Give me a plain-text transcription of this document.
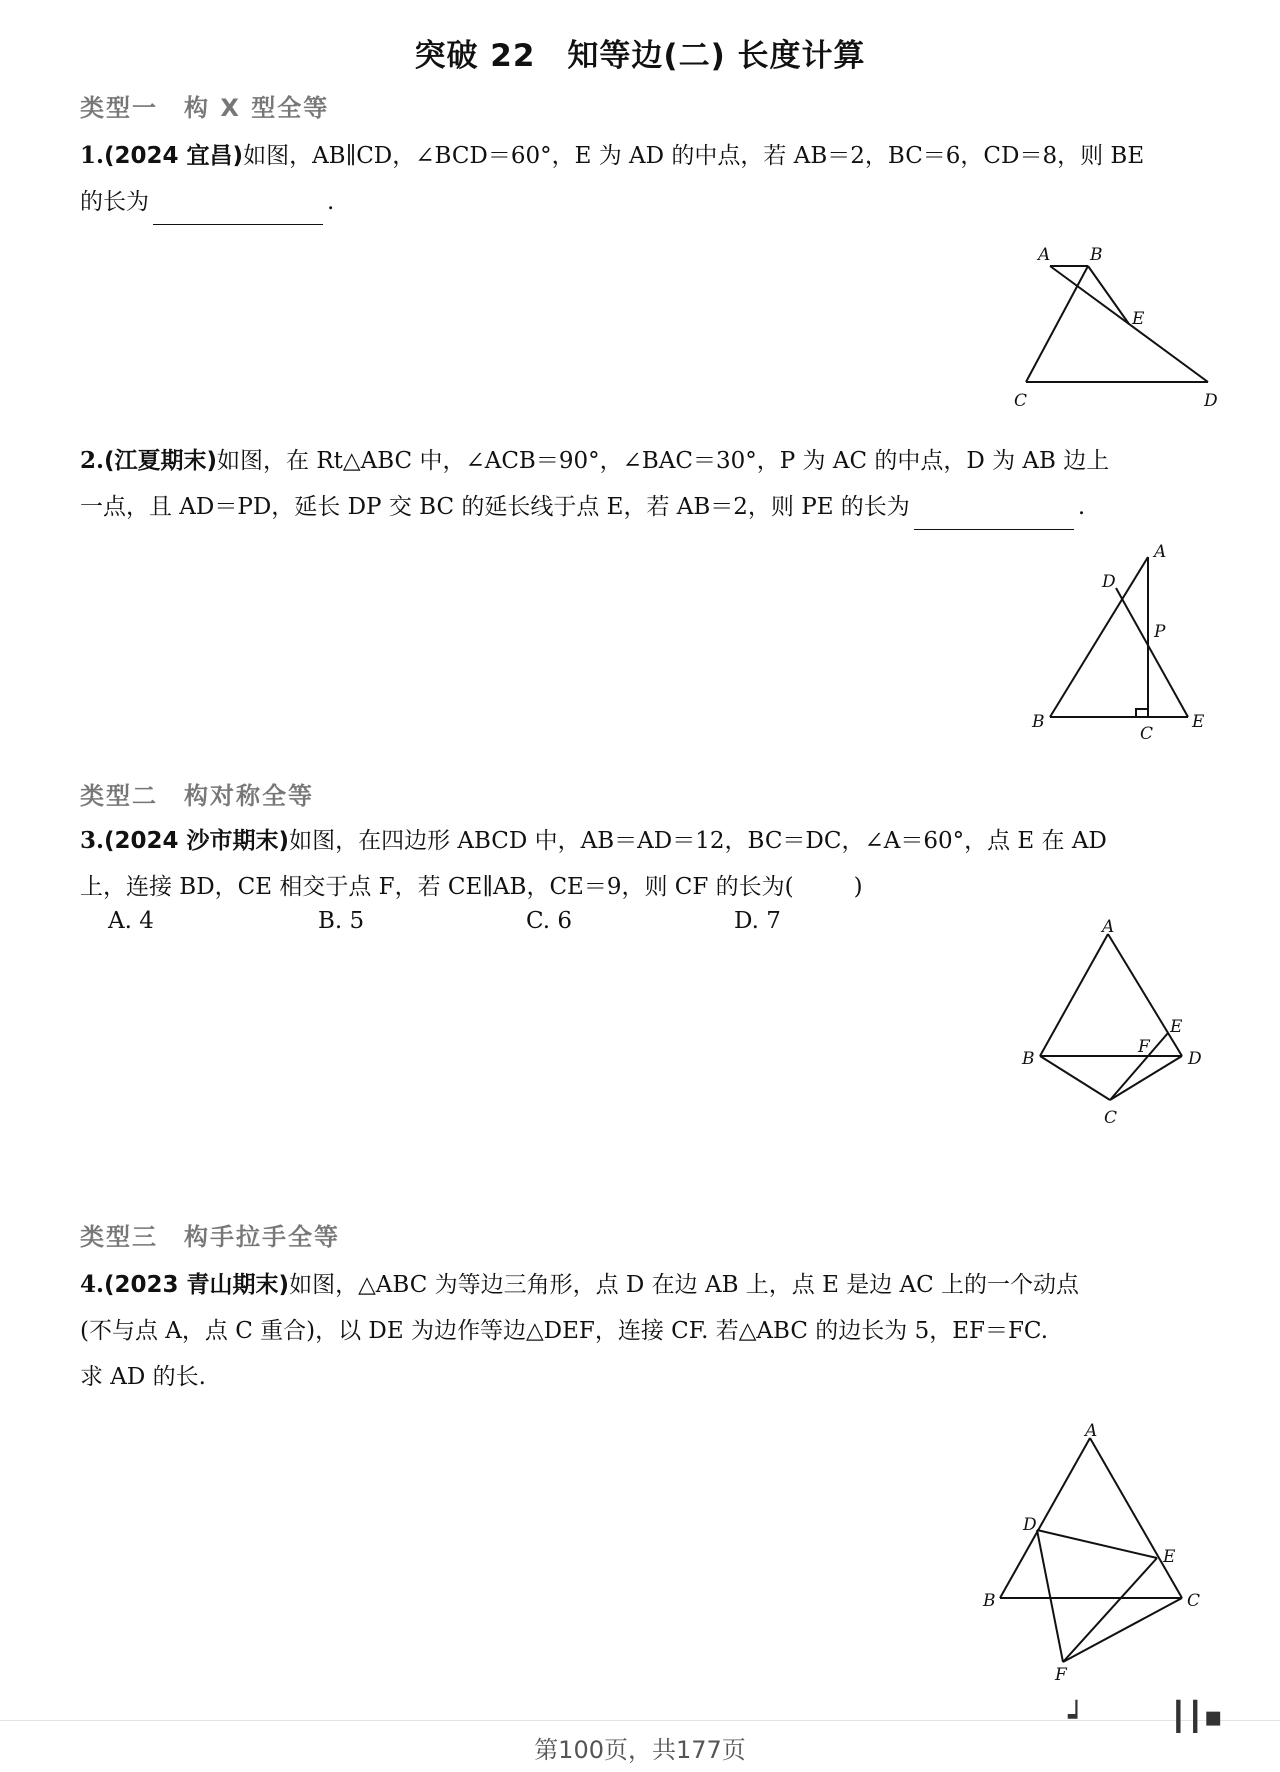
突破 22　知等边(二) 长度计算
类型一　构 X 型全等
1.(2024 宜昌)如图，AB∥CD，∠BCD＝60°，E 为 AD 的中点，若 AB＝2，BC＝6，CD＝8，则 BE
的长为	.
A B
E
C	D
2.(江夏期末)如图，在 Rt△ABC 中，∠ACB＝90°，∠BAC＝30°，P 为 AC 的中点，D 为 AB 边上
一点，且 AD＝PD，延长 DP 交 BC 的延长线于点 E，若 AB＝2，则 PE 的长为	.
A
D
P
B
C
E
类型二　构对称全等
3.(2024 沙市期末)如图，在四边形 ABCD 中，AB＝AD＝12，BC＝DC，∠A＝60°，点 E 在 AD
上，连接 BD，CE 相交于点 F，若 CE∥AB，CE＝9，则 CF 的长为(	)
A. 4	B. 5	C. 6	D. 7	A
E
F
B	D
C
类型三　构手拉手全等
4.(2023 青山期末)如图，△ABC 为等边三角形，点 D 在边 AB 上，点 E 是边 AC 上的一个动点
(不与点 A，点 C 重合)，以 DE 为边作等边△DEF，连接 CF. 若△ABC 的边长为 5，EF＝FC.
求 AD 的长.
A
D
E
B	C
F
第100页，共177页
┙	┃┃▪
